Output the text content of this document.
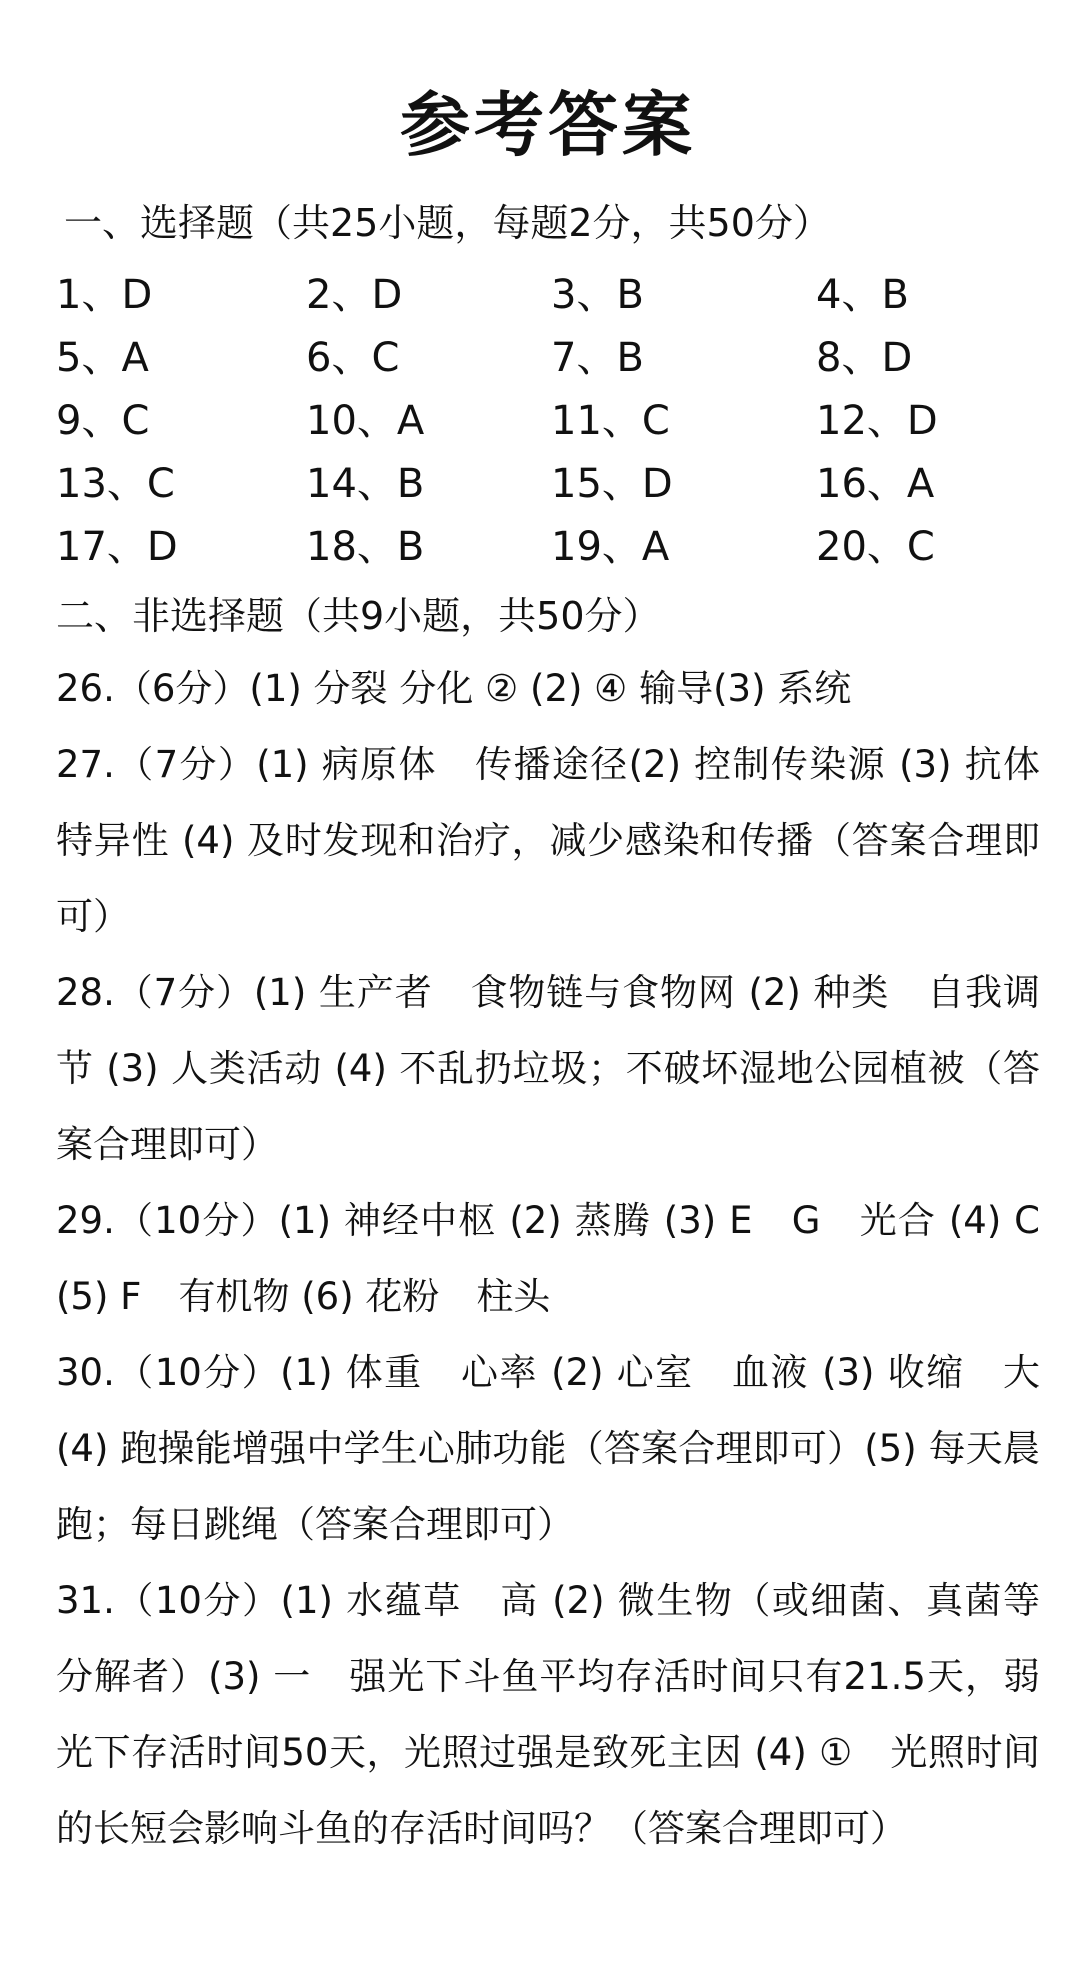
参考答案

一、选择题（共25小题，每题2分，共50分）

1、D	2、D	3、B	4、B
5、A	6、C	7、B	8、D
9、C	10、A	11、C	12、D
13、C	14、B	15、D	16、A
17、D	18、B	19、A	20、C

二、非选择题（共9小题，共50分）

26.（6分）(1) 分裂 分化 ② (2) ④ 输导(3) 系统

27.（7分）(1) 病原体　传播途径(2) 控制传染源 (3) 抗体　特异性 (4) 及时发现和治疗，减少感染和传播（答案合理即可）

28.（7分）(1) 生产者　食物链与食物网 (2) 种类　自我调节 (3) 人类活动 (4) 不乱扔垃圾；不破坏湿地公园植被（答案合理即可）

29.（10分）(1) 神经中枢 (2) 蒸腾 (3) E　G　光合 (4) C (5) F　有机物 (6) 花粉　柱头

30.（10分）(1) 体重　心率 (2) 心室　血液 (3) 收缩　大 (4) 跑操能增强中学生心肺功能（答案合理即可）(5) 每天晨跑；每日跳绳（答案合理即可）

31.（10分）(1) 水蕴草　高 (2) 微生物（或细菌、真菌等分解者）(3) 一　强光下斗鱼平均存活时间只有21.5天，弱光下存活时间50天，光照过强是致死主因 (4) ①　光照时间的长短会影响斗鱼的存活时间吗？（答案合理即可）
